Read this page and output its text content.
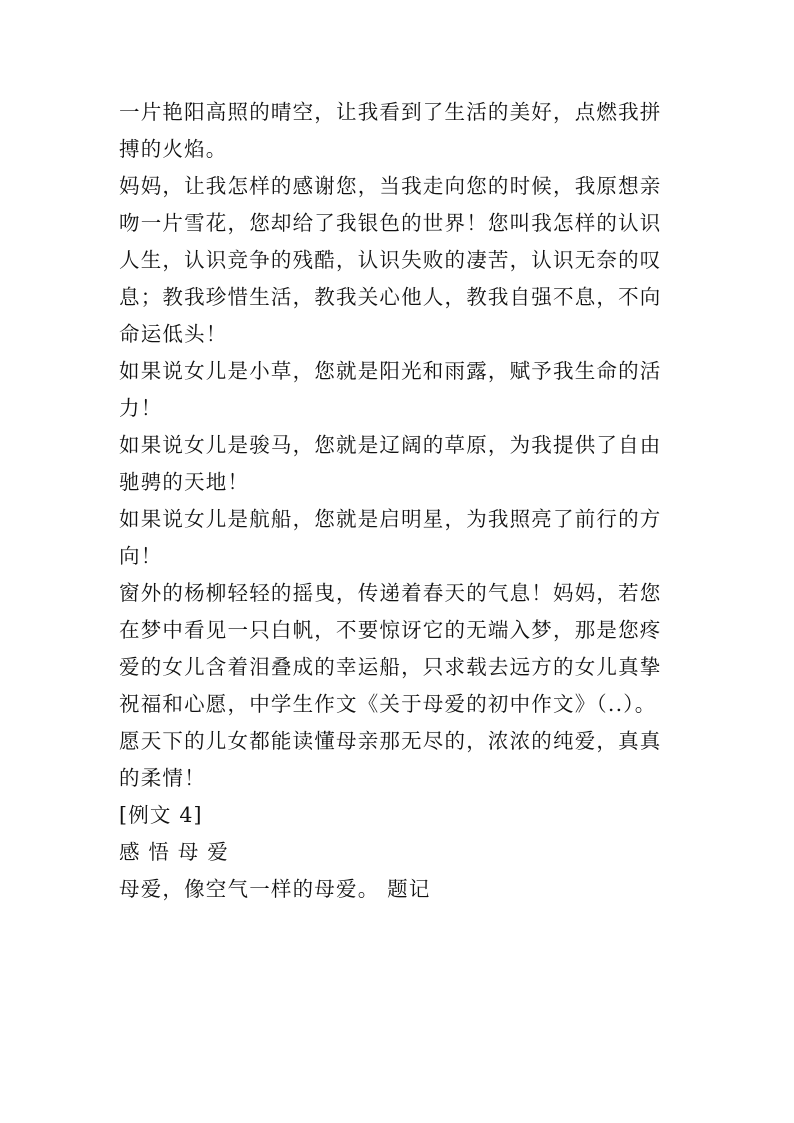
一片艳阳高照的晴空，让我看到了生活的美好，点燃我拼
搏的火焰。
妈妈，让我怎样的感谢您，当我走向您的时候，我原想亲
吻一片雪花，您却给了我银色的世界！您叫我怎样的认识
人生，认识竞争的残酷，认识失败的凄苦，认识无奈的叹
息；教我珍惜生活，教我关心他人，教我自强不息，不向
命运低头！
如果说女儿是小草，您就是阳光和雨露，赋予我生命的活
力！
如果说女儿是骏马，您就是辽阔的草原，为我提供了自由
驰骋的天地！
如果说女儿是航船，您就是启明星，为我照亮了前行的方
向！
窗外的杨柳轻轻的摇曳，传递着春天的气息！妈妈，若您
在梦中看见一只白帆，不要惊讶它的无端入梦，那是您疼
爱的女儿含着泪叠成的幸运船，只求载去远方的女儿真挚
祝福和心愿，中学生作文《关于母爱的初中作文》（..）。
愿天下的儿女都能读懂母亲那无尽的，浓浓的纯爱，真真
的柔情！
[例文 4]
感 悟 母 爱
母爱，像空气一样的母爱。 题记
